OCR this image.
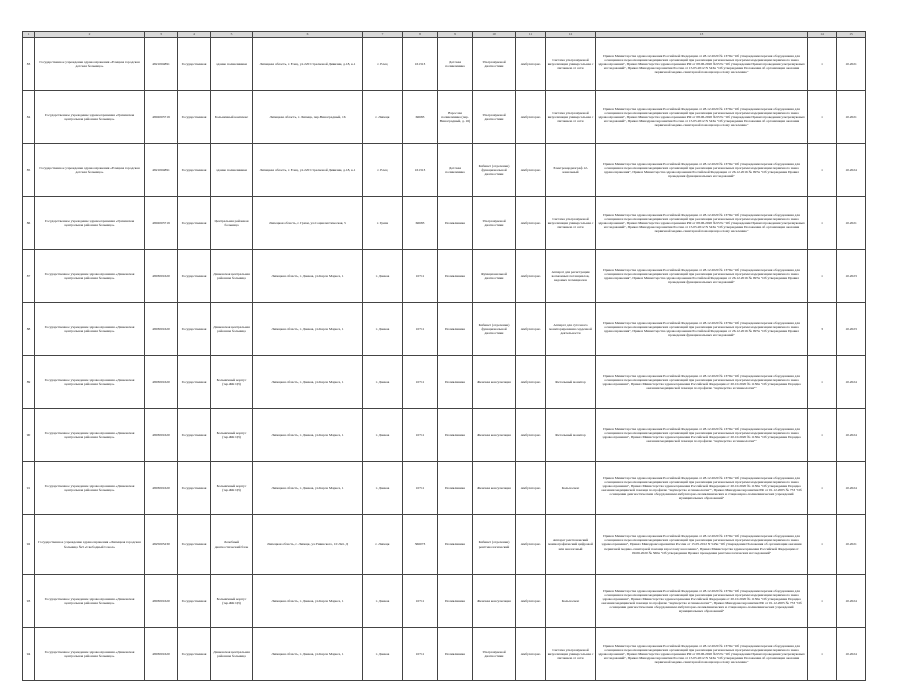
1	2	3	4	5	6	7	8	9	10	11	12	13	14	15
83	Государственное учреждение здравоохранения «Елецкая городская детская больница»	4821004891	Государственная	здание поликлиники	Липецкая область, г. Елец, ул.220 Стрелковой Дивизии, д.18, к.1	г. Елец	161313	Детская поликлиника	Ультразвуковой диагностики	Амбулаторно	Система ультразвуковой визуализации универсальная с питанием от сети	Приказ Министерства здравоохранения Российской Федерации от 28.12.2020 № 1379н "Об утверждении перечня оборудования для оснащения и переоснащения медицинских организаций при реализации региональных программ модернизации первичного звена здравоохранения", Приказ Министерства здравоохранения РФ от 08.06.2020 №557н "Об утверждении Правил проведения ультразвуковых исследований", Приказ Минздравсоцразвития России от 15.05.2012 N 543н "Об утверждении Положения об организации оказания первичной медико-санитарной помощи взрослому населению"	1	10.2021
84	Государственное учреждение здравоохранения «Грязинская центральная районная больница»	4802003719	Государственная	Больничный комплекс	Липецкая область, г. Липецк, пер.Виноградный, 16	г. Липецк	66683	Взрослая поликлиника (пер. Виноградный, д. 16)	Ультразвуковой диагностики	Амбулаторно	Система ультразвуковой визуализации универсальная с питанием от сети	Приказ Министерства здравоохранения Российской Федерации от 28.12.2020 № 1379н "Об утверждении перечня оборудования для оснащения и переоснащения медицинских организаций при реализации региональных программ модернизации первичного звена здравоохранения", Приказ Министерства здравоохранения РФ от 08.06.2020 №557н "Об утверждении Правил проведения ультразвуковых исследований", Приказ Минздравсоцразвития России от 15.05.2012 N 543н "Об утверждении Положения об организации оказания первичной медико-санитарной помощи взрослому населению"	1	10.2021
85	Государственное учреждение здравоохранения «Елецкая городская детская больница»	4821004891	Государственная	здание поликлиники	Липецкая область, г. Елец, ул.220 Стрелковой Дивизии, д.18, к.1	г. Елец	161313	Детская поликлиника	Кабинет (отделение) функциональной диагностики	Амбулаторно	Электрокардиограф 12-канальный	Приказ Министерства здравоохранения Российской Федерации от 28.12.2020 № 1379н "Об утверждении перечня оборудования для оснащения и переоснащения медицинских организаций при реализации региональных программ модернизации первичного звена здравоохранения", Приказ Министерства здравоохранения Российской Федерации от 26.12.2016 № 997н "Об утверждении Правил проведения функциональных исследований"	1	10.2024
86	Государственное учреждение здравоохранения «Грязинская центральная районная больница»	4802003719	Государственная	Центральная районная больница	Липецкая область, г. Грязи, ул.Социалистическая, 5	г. Грязи	66683	Поликлиника	Ультразвуковой диагностики	Амбулаторно	Система ультразвуковой визуализации универсальная с питанием от сети	Приказ Министерства здравоохранения Российской Федерации от 28.12.2020 № 1379н "Об утверждении перечня оборудования для оснащения и переоснащения медицинских организаций при реализации региональных программ модернизации первичного звена здравоохранения", Приказ Министерства здравоохранения РФ от 08.06.2020 №557н "Об утверждении Правил проведения ультразвуковых исследований", Приказ Минздравсоцразвития России от 15.05.2012 N 543н "Об утверждении Положения об организации оказания первичной медико-санитарной помощи взрослому населению"	1	10.2021
87	Государственное учреждение здравоохранения «Данковская центральная районная больница»	4803001620	Государственная	Данковская центральная районная больница	Липецкая область, г. Данков, ул.Карла Маркса, 1	г. Данков	10711	Поликлиника	Функциональной диагностики	Амбулаторно	Аппарат для регистрации возможных потенциалов, ведомых потенциалов	Приказ Министерства здравоохранения Российской Федерации от 28.12.2020 № 1379н "Об утверждении перечня оборудования для оснащения и переоснащения медицинских организаций при реализации региональных программ модернизации первичного звена здравоохранения", Приказ Министерства здравоохранения Российской Федерации от 26.12.2016 № 997н "Об утверждении Правил проведения функциональных исследований"	1	10.2023
88	Государственное учреждение здравоохранения «Данковская центральная районная больница»	4803001620	Государственная	Данковская центральная районная больница	Липецкая область, г. Данков, ул.Карла Маркса, 1	г. Данков	10711	Поликлиника	Кабинет (отделение) функциональной диагностики	Амбулаторно	Аппарат для суточного мониторирования сердечной деятельности	Приказ Министерства здравоохранения Российской Федерации от 28.12.2020 № 1379н "Об утверждении перечня оборудования для оснащения и переоснащения медицинских организаций при реализации региональных программ модернизации первичного звена здравоохранения", Приказ Министерства здравоохранения Российской Федерации от 26.12.2016 № 997н "Об утверждении Правил проведения функциональных исследований"	3	10.2023
89	Государственное учреждение здравоохранения «Данковская центральная районная больница»	4803001620	Государственная	Больничный корпус (тер.ЖК ЦЗ)	Липецкая область, г. Данков, ул.Карла Маркса, 1	г. Данков	10711	Поликлиника	Женская консультация	Амбулаторно	Фетальный монитор	Приказ Министерства здравоохранения Российской Федерации от 28.12.2020 № 1379н "Об утверждении перечня оборудования для оснащения и переоснащения медицинских организаций при реализации региональных программ модернизации первичного звена здравоохранения", Приказ Министерства здравоохранения Российской Федерации от 20.10.2020 № 1130н "Об утверждении Порядка оказания медицинской помощи по профилю "акушерство и гинекология""	1	10.2024
90	Государственное учреждение здравоохранения «Данковская центральная районная больница»	4803001620	Государственная	Больничный корпус (тер.ЖК ЦЗ)	Липецкая область, г. Данков, ул.Карла Маркса, 1	г. Данков	10711	Поликлиника	Женская консультация	Амбулаторно	Фетальный монитор	Приказ Министерства здравоохранения Российской Федерации от 28.12.2020 № 1379н "Об утверждении перечня оборудования для оснащения и переоснащения медицинских организаций при реализации региональных программ модернизации первичного звена здравоохранения", Приказ Министерства здравоохранения Российской Федерации от 20.10.2020 № 1130н "Об утверждении Порядка оказания медицинской помощи по профилю "акушерство и гинекология""	1	10.2024
91	Государственное учреждение здравоохранения «Данковская центральная районная больница»	4803001620	Государственная	Больничный корпус (тер.ЖК ЦЗ)	Липецкая область, г. Данков, ул.Карла Маркса, 1	г. Данков	10711	Поликлиника	Женская консультация	Амбулаторно	Кольпоскоп	Приказ Министерства здравоохранения Российской Федерации от 28.12.2020 № 1379н "Об утверждении перечня оборудования для оснащения и переоснащения медицинских организаций при реализации региональных программ модернизации первичного звена здравоохранения", Приказ Министерства здравоохранения Российской Федерации от 20.10.2020 № 1130н "Об утверждении Порядка оказания медицинской помощи по профилю "акушерство и гинекология"", Приказ Минздравсоцразвития РФ от 01.12.2005 № 753 "Об оснащении диагностическим оборудованием амбулаторно-поликлинических и стационарно-поликлинических учреждений муниципальных образований"	1	10.2024
92	Государственное учреждение здравоохранения «Липецкая городская больница №3 «Свободный Сокол»	4825005230	Государственная	Лечебный диагностический блок	Липецкая область, г. Липецк, ул.Ушинского, 10 Лит. Д	г. Липецк	366073	Поликлиника	Кабинет (отделение) рентгенологический	Амбулаторно	Аппарат рентгеновский маммографический цифровой или аналоговый	Приказ Министерства здравоохранения Российской Федерации от 28.12.2020 № 1379н "Об утверждении перечня оборудования для оснащения и переоснащения медицинских организаций при реализации региональных программ модернизации первичного звена здравоохранения", Приказ Минздравсоцразвития России от 15.05.2012 N 543н "Об утверждении Положения об организации оказания первичной медико-санитарной помощи взрослому населению", Приказ Министерства здравоохранения Российской Федерации от 09.06.2020 № 560н "Об утверждении Правил проведения рентгенологических исследований"	1	10.2021
93	Государственное учреждение здравоохранения «Данковская центральная районная больница»	4803001620	Государственная	Больничный корпус (тер.ЖК ЦЗ)	Липецкая область, г. Данков, ул.Карла Маркса, 1	г. Данков	10711	Поликлиника	Женская консультация	Амбулаторно	Кольпоскоп	Приказ Министерства здравоохранения Российской Федерации от 28.12.2020 № 1379н "Об утверждении перечня оборудования для оснащения и переоснащения медицинских организаций при реализации региональных программ модернизации первичного звена здравоохранения", Приказ Министерства здравоохранения Российской Федерации от 20.10.2020 № 1130н "Об утверждении Порядка оказания медицинской помощи по профилю "акушерство и гинекология"", Приказ Минздравсоцразвития РФ от 01.12.2005 № 753 "Об оснащении диагностическим оборудованием амбулаторно-поликлинических и стационарно-поликлинических учреждений муниципальных образований"	1	10.2024
94	Государственное учреждение здравоохранения «Данковская центральная районная больница»	4803001620	Государственная	Данковская центральная районная больница	Липецкая область, г. Данков, ул.Карла Маркса, 1	г. Данков	10711	Поликлиника	Ультразвуковой диагностики	Амбулаторно	Система ультразвуковой визуализации универсальная с питанием от сети	Приказ Министерства здравоохранения Российской Федерации от 28.12.2020 № 1379н "Об утверждении перечня оборудования для оснащения и переоснащения медицинских организаций при реализации региональных программ модернизации первичного звена здравоохранения", Приказ Министерства здравоохранения РФ от 08.06.2020 №557н "Об утверждении Правил проведения ультразвуковых исследований", Приказ Минздравсоцразвития России от 15.05.2012 N 543н "Об утверждении Положения об организации оказания первичной медико-санитарной помощи взрослому населению"	1	10.2024
